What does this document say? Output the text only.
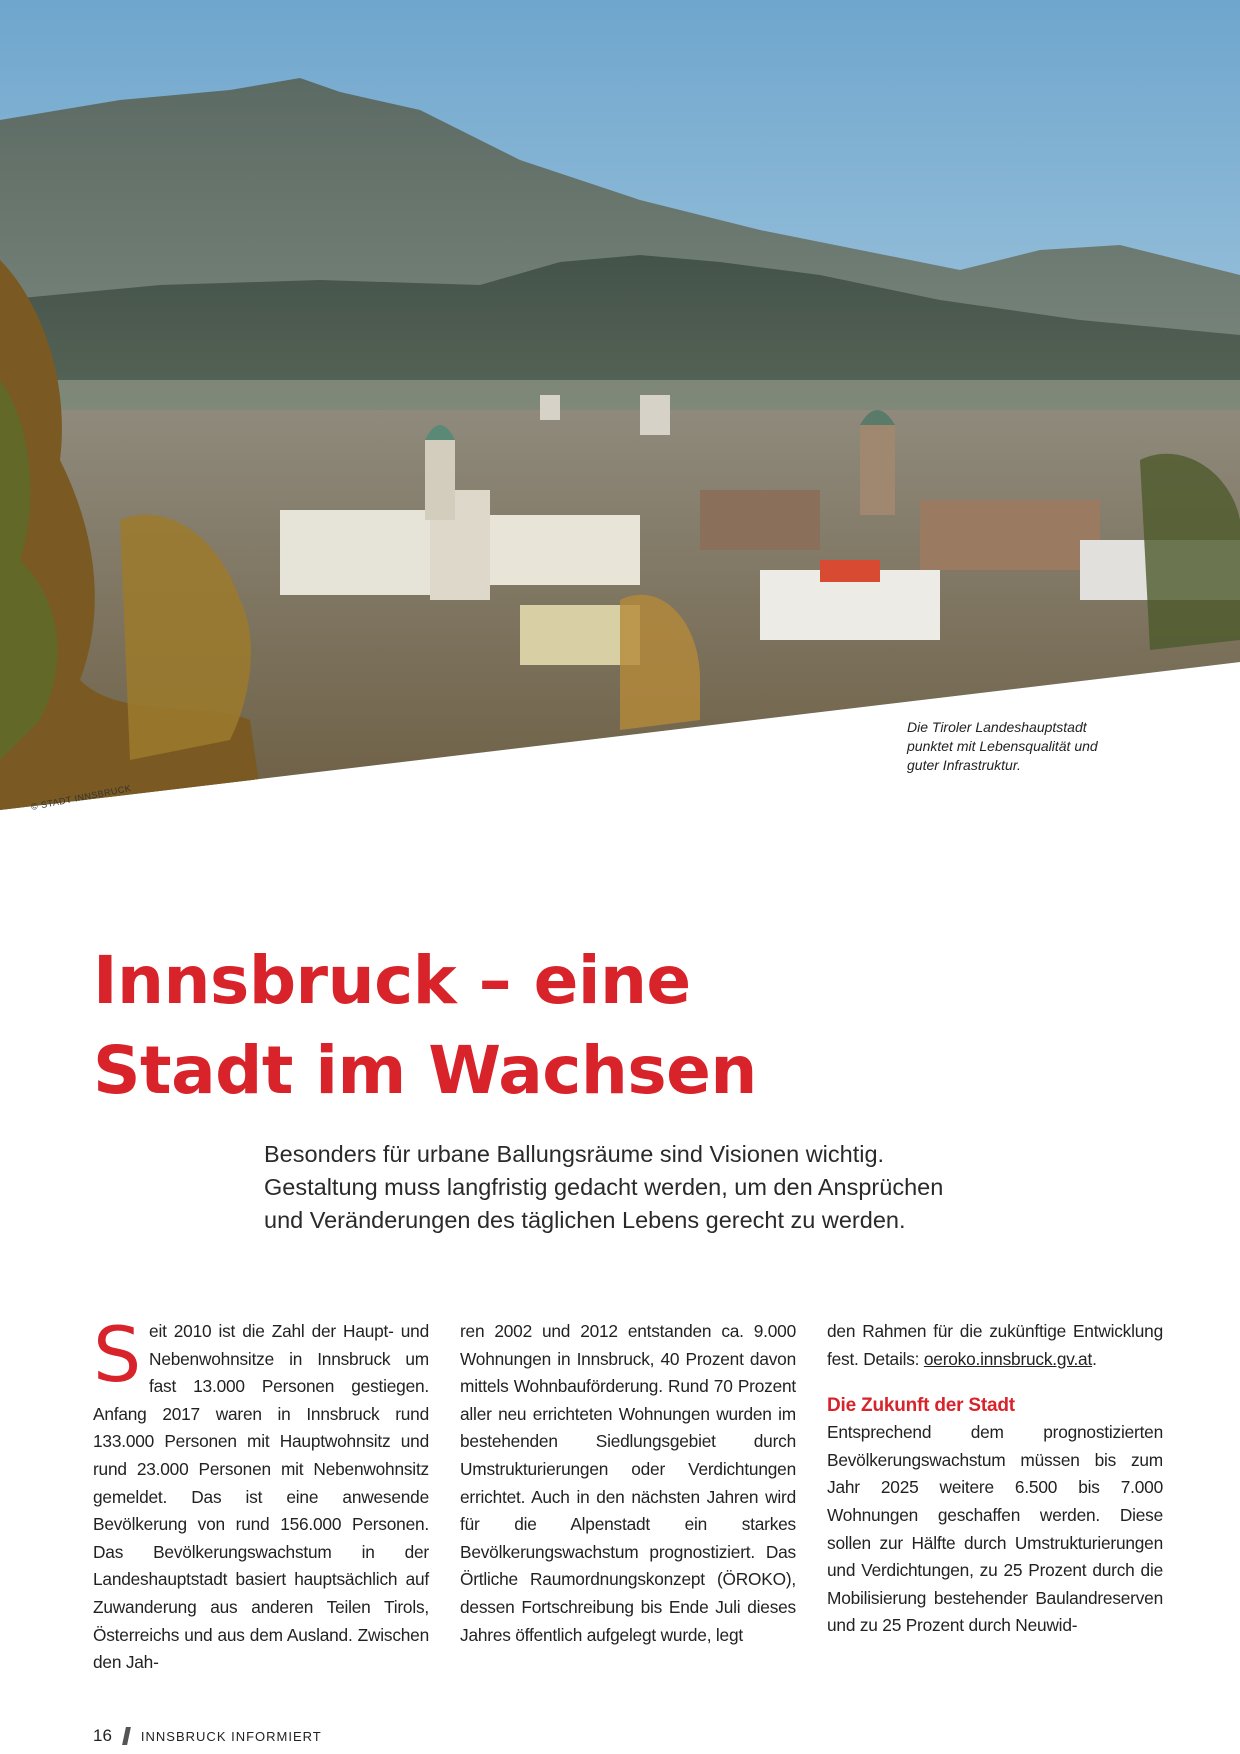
© STADT INNSBRUCK
Die Tiroler Landeshauptstadt punktet mit Lebensqualität und guter Infrastruktur.
Innsbruck – eine
Stadt im Wachsen
Besonders für urbane Ballungsräume sind Visionen wichtig.
Gestaltung muss langfristig gedacht werden, um den Ansprüchen
und Veränderungen des täglichen Lebens gerecht zu werden.
S eit 2010 ist die Zahl der Haupt- und Nebenwohnsitze in Innsbruck um fast 13.000 Personen gestiegen. Anfang 2017 waren in Innsbruck rund 133.000 Personen mit Hauptwohnsitz und rund 23.000 Personen mit Nebenwohnsitz gemeldet. Das ist eine anwesende Bevölkerung von rund 156.000 Personen. Das Bevölkerungswachstum in der Landeshauptstadt basiert hauptsächlich auf Zuwanderung aus anderen Teilen Tirols, Österreichs und aus dem Ausland. Zwischen den Jah-

ren 2002 und 2012 entstanden ca. 9.000 Wohnungen in Innsbruck, 40 Prozent davon mittels Wohnbauförderung. Rund 70 Prozent aller neu errichteten Wohnungen wurden im bestehenden Siedlungsgebiet durch Umstrukturierungen oder Verdichtungen errichtet. Auch in den nächsten Jahren wird für die Alpenstadt ein starkes Bevölkerungswachstum prognostiziert. Das Örtliche Raumordnungskonzept (ÖROKO), dessen Fortschreibung bis Ende Juli dieses Jahres öffentlich aufgelegt wurde, legt

den Rahmen für die zukünftige Entwicklung fest. Details: oeroko.innsbruck.gv.at.

Die Zukunft der Stadt

Entsprechend dem prognostizierten Bevölkerungswachstum müssen bis zum Jahr 2025 weitere 6.500 bis 7.000 Wohnungen geschaffen werden. Diese sollen zur Hälfte durch Umstrukturierungen und Verdichtungen, zu 25 Prozent durch die Mobilisierung bestehender Baulandreserven und zu 25 Prozent durch Neuwid-

16 INNSBRUCK INFORMIERT
